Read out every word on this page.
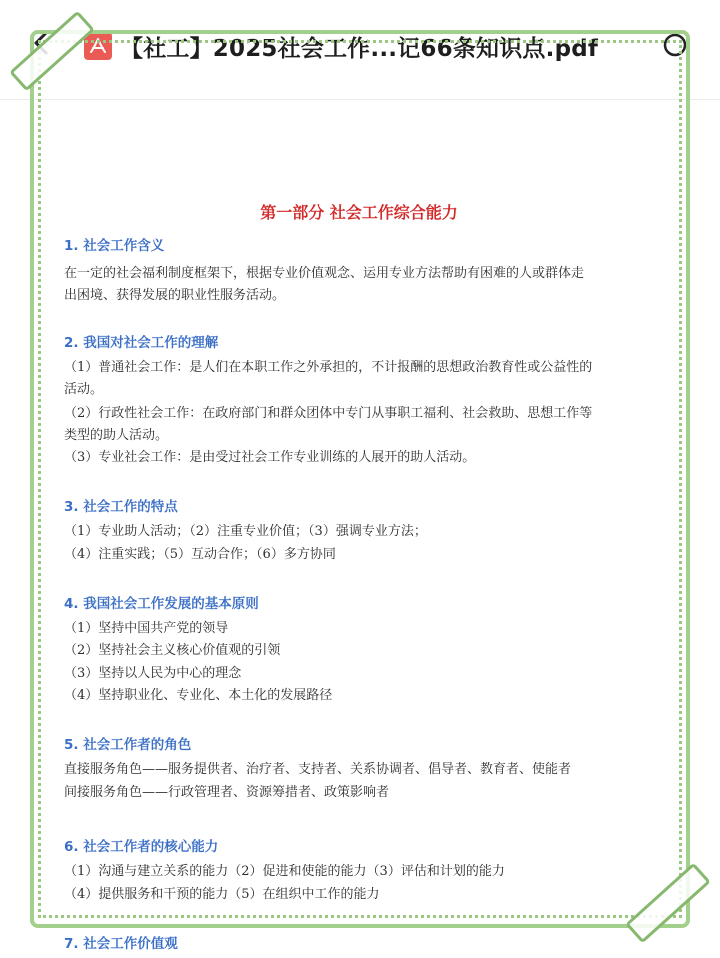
【社工】2025社会工作...记66条知识点.pdf
第一部分 社会工作综合能力
1. 社会工作含义
在一定的社会福利制度框架下，根据专业价值观念、运用专业方法帮助有困难的人或群体走
出困境、获得发展的职业性服务活动。
2. 我国对社会工作的理解
（1）普通社会工作：是人们在本职工作之外承担的，不计报酬的思想政治教育性或公益性的
活动。
（2）行政性社会工作：在政府部门和群众团体中专门从事职工福利、社会救助、思想工作等
类型的助人活动。
（3）专业社会工作：是由受过社会工作专业训练的人展开的助人活动。
3. 社会工作的特点
（1）专业助人活动；（2）注重专业价值；（3）强调专业方法；
（4）注重实践；（5）互动合作；（6）多方协同
4. 我国社会工作发展的基本原则
（1）坚持中国共产党的领导
（2）坚持社会主义核心价值观的引领
（3）坚持以人民为中心的理念
（4）坚持职业化、专业化、本土化的发展路径
5. 社会工作者的角色
直接服务角色——服务提供者、治疗者、支持者、关系协调者、倡导者、教育者、使能者
间接服务角色——行政管理者、资源筹措者、政策影响者
6. 社会工作者的核心能力
（1）沟通与建立关系的能力（2）促进和使能的能力（3）评估和计划的能力
（4）提供服务和干预的能力（5）在组织中工作的能力
7. 社会工作价值观
